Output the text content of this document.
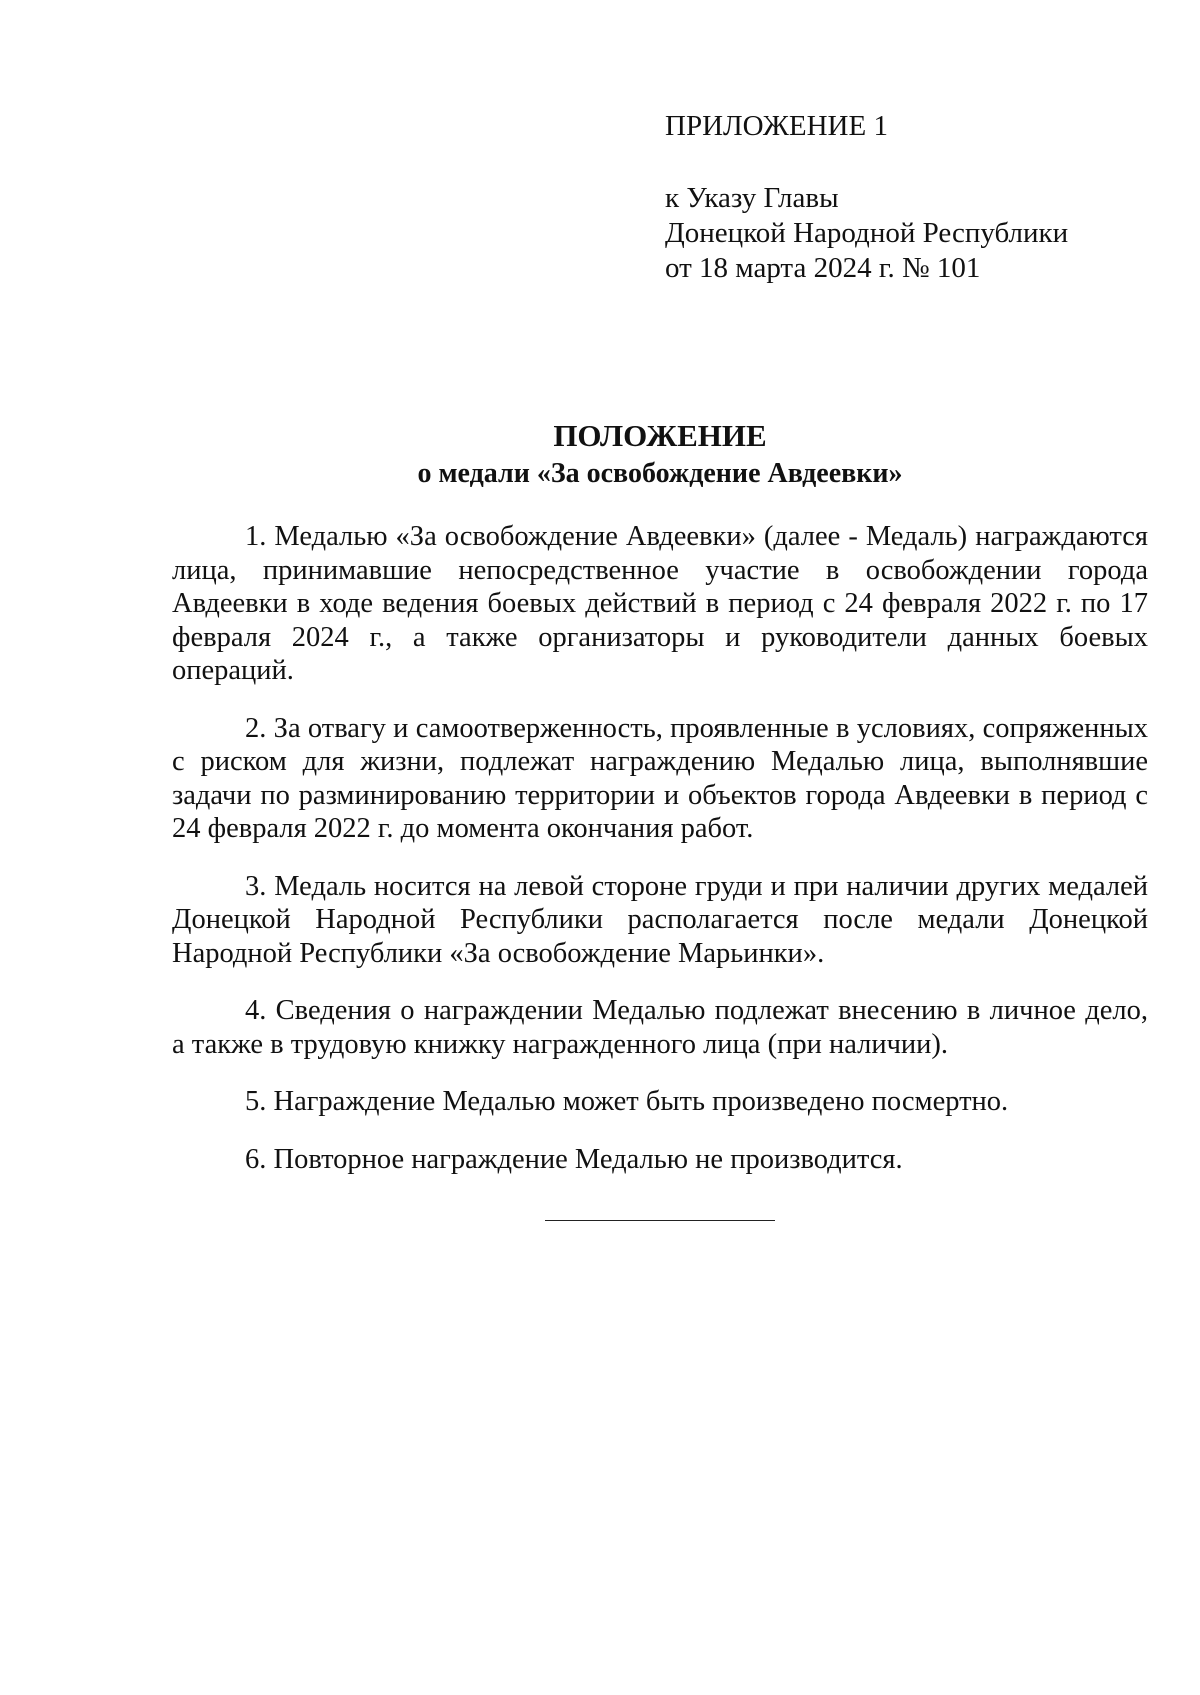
ПРИЛОЖЕНИЕ 1
к Указу Главы
Донецкой Народной Республики
от 18 марта 2024 г. № 101
ПОЛОЖЕНИЕ
о медали «За освобождение Авдеевки»

1. Медалью «За освобождение Авдеевки» (далее - Медаль) награждаются лица, принимавшие непосредственное участие в освобождении города Авдеевки в ходе ведения боевых действий в период с 24 февраля 2022 г. по 17 февраля 2024 г., а также организаторы и руководители данных боевых операций.

2. За отвагу и самоотверженность, проявленные в условиях, сопряженных с риском для жизни, подлежат награждению Медалью лица, выполнявшие задачи по разминированию территории и объектов города Авдеевки в период с 24 февраля 2022 г. до момента окончания работ.

3. Медаль носится на левой стороне груди и при наличии других медалей Донецкой Народной Республики располагается после медали Донецкой Народной Республики «За освобождение Марьинки».

4. Сведения о награждении Медалью подлежат внесению в личное дело, а также в трудовую книжку награжденного лица (при наличии).

5. Награждение Медалью может быть произведено посмертно.

6. Повторное награждение Медалью не производится.
